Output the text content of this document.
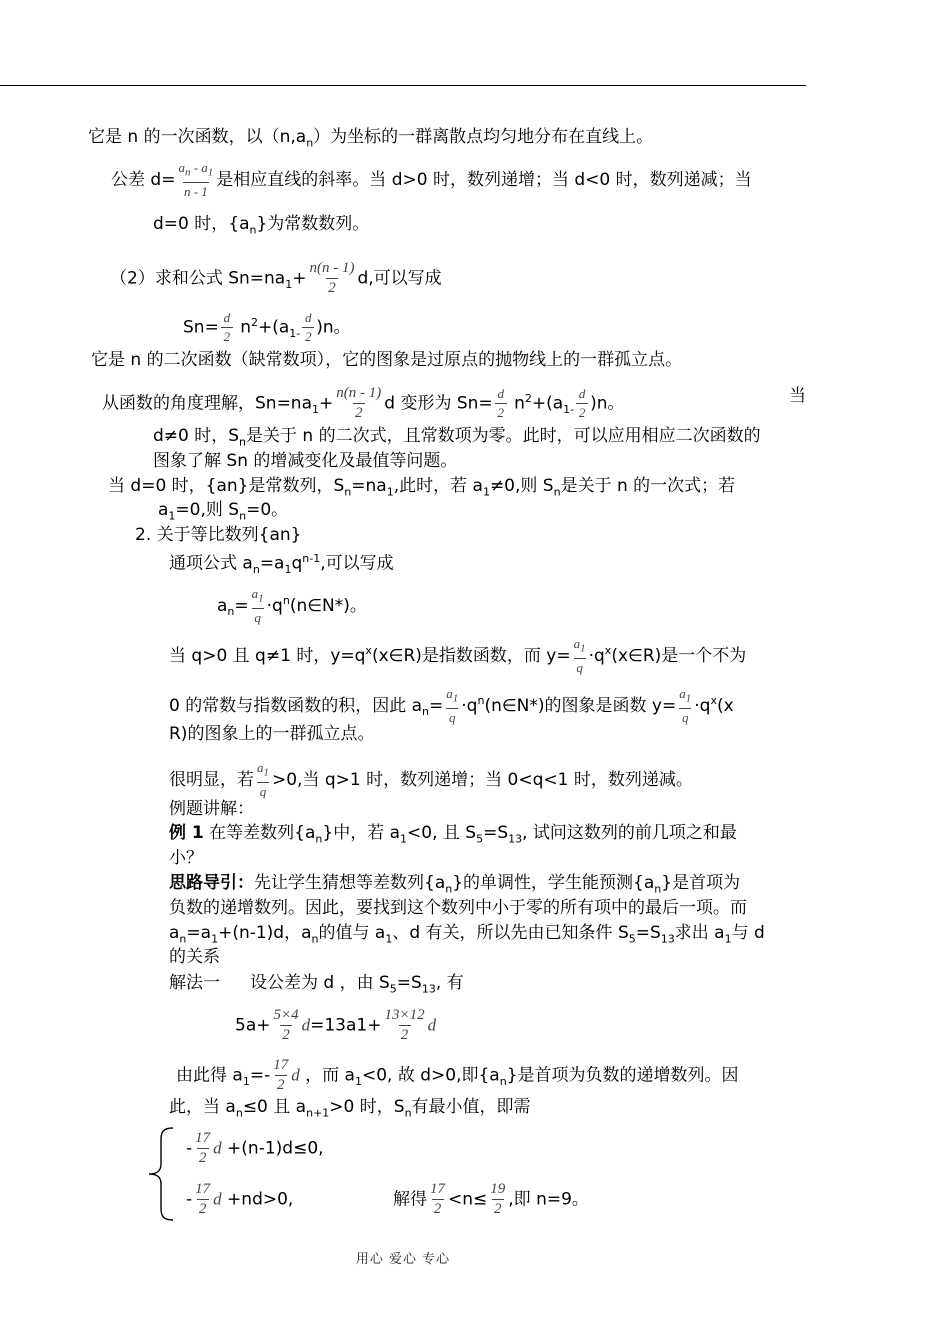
它是 n 的一次函数，以$(n,a_n)$为坐标的一群离散点均匀地分布在直线上。
公差 $d= \frac{a_n - a_1}{n - 1}$ 是相应直线的斜率。当 d>0 时，数列递增；当 d<0 时，数列递减；当
d=0 时，$\{a_n\}$为常数数列。
（2）求和公式 $Sn=na_1+ \frac{n(n - 1)}{2} d$,可以写成
$Sn= \frac{d}{2} n^2+(a_{1-} \frac{d}{2} )n$。
它是 n 的二次函数（缺常数项），它的图象是过原点的抛物线上的一群孤立点。
从函数的角度理解，$Sn=na_1+ \frac{n(n - 1)}{2}$ d 变形为 $Sn= \frac{d}{2} n^2+(a_{1-} \frac{d}{2} )n$。	当
d≠0 时，$S_n$是关于 n 的二次式，且常数项为零。此时，可以应用相应二次函数的
图象了解 Sn 的增减变化及最值等问题。
当 d=0 时，{an}是常数列，$S_n=na_1$,此时，若 $a_1\ne 0$,则 $S_n$是关于 n 的一次式；若
$a_1=0$,则 $S_n=0$。
2. 关于等比数列{an}
通项公式 $a_n=a_1q^{n-1}$,可以写成
$a_n= \frac{a_1}{q}$ $\cdot q^n(n\in N*)$。
当 q>0 且 q≠1 时，$y=q^x(x\in R)$是指数函数，而 $y= \frac{a_1}{q}$ $\cdot q^x(x\in R)$是一个不为
0 的常数与指数函数的积，因此 $a_n= \frac{a_1}{q}$ $\cdot q^n(n\in N*)$的图象是函数 $y= \frac{a_1}{q} \cdot q^x(x$
R)的图象上的一群孤立点。
很明显，若 $\frac{a_1}{q} >0$,当 q>1 时，数列递增；当 0<q<1 时，数列递减。
例题讲解：
例 1 在等差数列$\{a_n\}$中，若 $a_1<0$, 且 $S_5=S_{13}$, 试问这数列的前几项之和最
小？
思路导引：先让学生猜想等差数列$\{a_n\}$的单调性，学生能预测$\{a_n\}$是首项为
负数的递增数列。因此，要找到这个数列中小于零的所有项中的最后一项。而
$a_n=a_1+(n-1)d$，$a_n$的值与 $a_1$、d 有关，所以先由已知条件 $S_5=S_{13}$求出 $a_1$与 d
的关系
解法一 设公差为 d ，由 $S_5=S_{13}$, 有
$5a+ \frac{5\times 4}{2} d=13a1+ \frac{13\times 12}{2}$ d
由此得 $a_1=- \frac{17}{2}$ d ，而 $a_1<0$, 故 d>0,即$\{a_n\}$是首项为负数的递增数列。因
此，当 $a_n\le 0$ 且 $a_{n+1}>0$ 时，$S_n$有最小值，即需
- $\frac{17}{2}$ d +(n-1)d≤0,
- $\frac{17}{2}$ d +nd>0,	解得 $\frac{17}{2} <n\le \frac{19}{2}$ ,即 n=9。
用心 爱心 专心
